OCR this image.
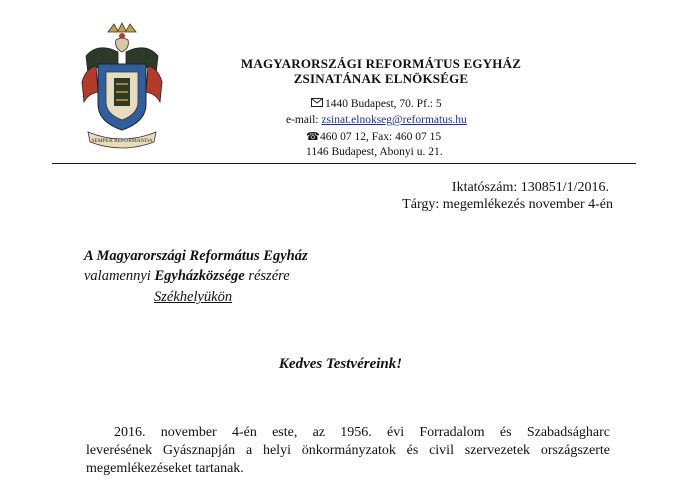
SEMPER REFORMANDA
MAGYARORSZÁGI REFORMÁTUS EGYHÁZ
ZSINATÁNAK ELNÖKSÉGE
1440 Budapest, 70. Pf.: 5
e-mail: zsinat.elnokseg@reformatus.hu
☎460 07 12, Fax: 460 07 15
1146 Budapest, Abonyi u. 21.
Iktatószám: 130851/1/2016.
Tárgy: megemlékezés november 4-én
A Magyarországi Református Egyház
valamennyi Egyházközsége részére
Székhelyükön
Kedves Testvéreink!
2016. november 4-én este, az 1956. évi Forradalom és Szabadságharc
leverésének Gyásznapján a helyi önkormányzatok és civil szervezetek országszerte
megemlékezéseket tartanak.
